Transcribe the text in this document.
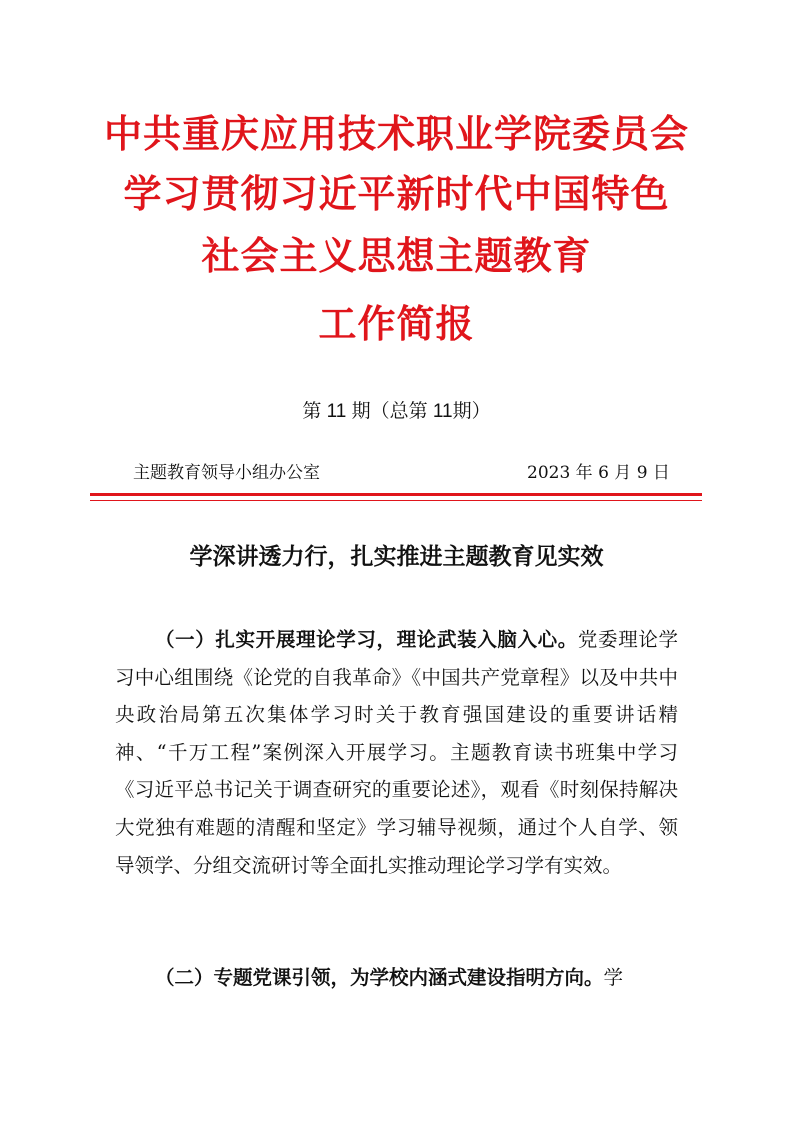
中共重庆应用技术职业学院委员会
学习贯彻习近平新时代中国特色
社会主义思想主题教育
工作简报
第 11 期（总第 11期）
主题教育领导小组办公室	2023 年 6 月 9 日
学深讲透力行，扎实推进主题教育见实效

（一）扎实开展理论学习，理论武装入脑入心。党委理论学习中心组围绕《论党的自我革命》《中国共产党章程》以及中共中央政治局第五次集体学习时关于教育强国建设的重要讲话精神、“千万工程”案例深入开展学习。主题教育读书班集中学习《习近平总书记关于调查研究的重要论述》，观看《时刻保持解决大党独有难题的清醒和坚定》学习辅导视频，通过个人自学、领导领学、分组交流研讨等全面扎实推动理论学习学有实效。

（二）专题党课引领，为学校内涵式建设指明方向。学
